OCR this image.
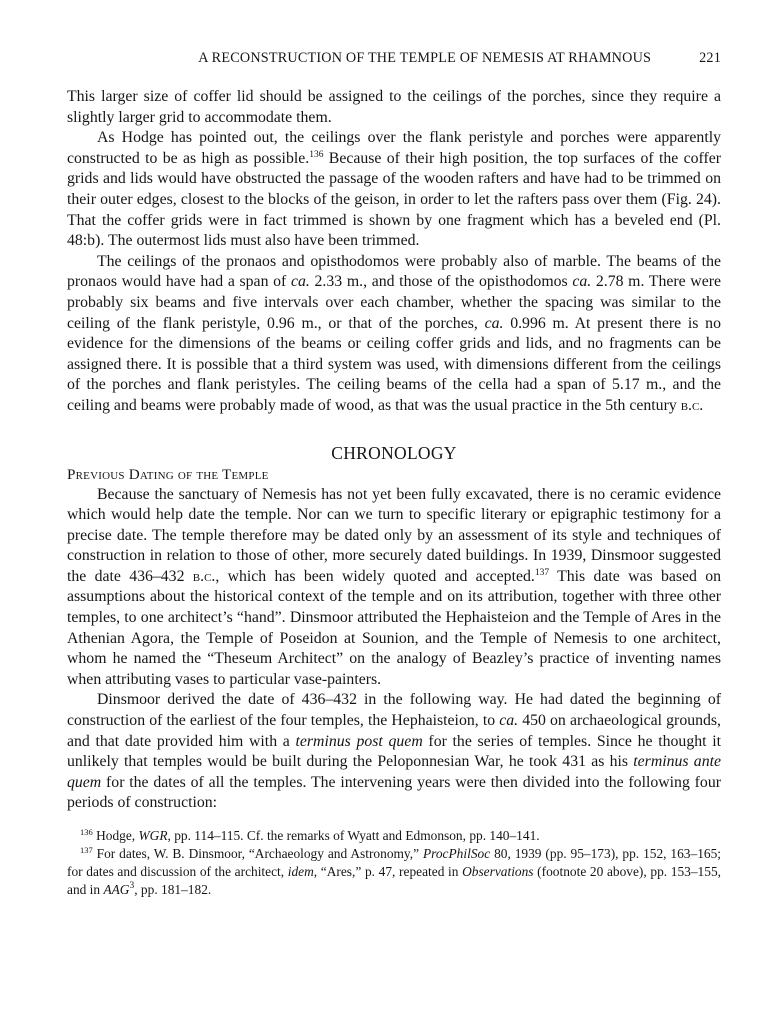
A RECONSTRUCTION OF THE TEMPLE OF NEMESIS AT RHAMNOUS	221

This larger size of coffer lid should be assigned to the ceilings of the porches, since they require a slightly larger grid to accommodate them.

As Hodge has pointed out, the ceilings over the flank peristyle and porches were apparently constructed to be as high as possible.$^{136}$ Because of their high position, the top surfaces of the coffer grids and lids would have obstructed the passage of the wooden rafters and have had to be trimmed on their outer edges, closest to the blocks of the geison, in order to let the rafters pass over them (Fig. 24). That the coffer grids were in fact trimmed is shown by one fragment which has a beveled end (Pl. 48:b). The outermost lids must also have been trimmed.

The ceilings of the pronaos and opisthodomos were probably also of marble. The beams of the pronaos would have had a span of ca. 2.33 m., and those of the opisthodomos ca. 2.78 m. There were probably six beams and five intervals over each chamber, whether the spacing was similar to the ceiling of the flank peristyle, 0.96 m., or that of the porches, ca. 0.996 m. At present there is no evidence for the dimensions of the beams or ceiling coffer grids and lids, and no fragments can be assigned there. It is possible that a third system was used, with dimensions different from the ceilings of the porches and flank peristyles. The ceiling beams of the cella had a span of 5.17 m., and the ceiling and beams were probably made of wood, as that was the usual practice in the 5th century b.c.

CHRONOLOGY
Previous Dating of the Temple

Because the sanctuary of Nemesis has not yet been fully excavated, there is no ceramic evidence which would help date the temple. Nor can we turn to specific literary or epigraphic testimony for a precise date. The temple therefore may be dated only by an assessment of its style and techniques of construction in relation to those of other, more securely dated buildings. In 1939, Dinsmoor suggested the date 436–432 b.c., which has been widely quoted and accepted.$^{137}$ This date was based on assumptions about the historical context of the temple and on its attribution, together with three other temples, to one architect’s “hand”. Dinsmoor attributed the Hephaisteion and the Temple of Ares in the Athenian Agora, the Temple of Poseidon at Sounion, and the Temple of Nemesis to one architect, whom he named the “Theseum Architect” on the analogy of Beazley’s practice of inventing names when attributing vases to particular vase-painters.

Dinsmoor derived the date of 436–432 in the following way. He had dated the beginning of construction of the earliest of the four temples, the Hephaisteion, to ca. 450 on archaeological grounds, and that date provided him with a terminus post quem for the series of temples. Since he thought it unlikely that temples would be built during the Peloponnesian War, he took 431 as his terminus ante quem for the dates of all the temples. The intervening years were then divided into the following four periods of construction:

$^{136}$ Hodge, WGR, pp. 114–115. Cf. the remarks of Wyatt and Edmonson, pp. 140–141.

$^{137}$ For dates, W. B. Dinsmoor, “Archaeology and Astronomy,” ProcPhilSoc 80, 1939 (pp. 95–173), pp. 152, 163–165; for dates and discussion of the architect, idem, “Ares,” p. 47, repeated in Observations (footnote 20 above), pp. 153–155, and in AAG$^3$, pp. 181–182.
